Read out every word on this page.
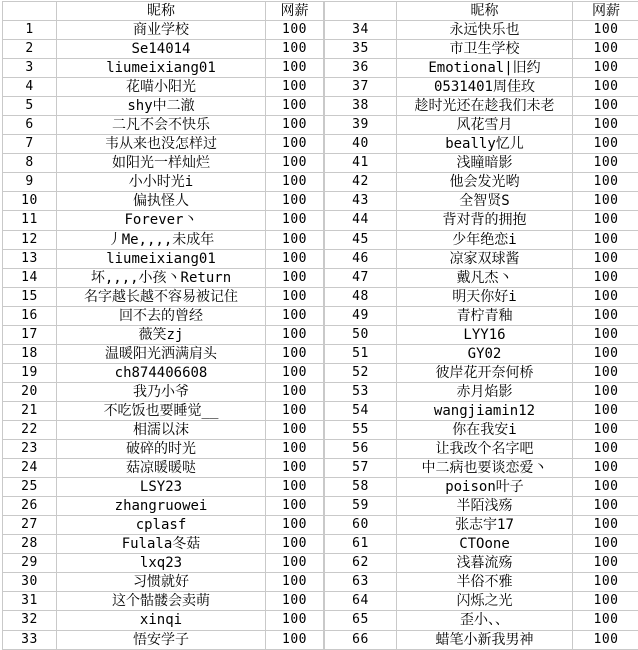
	昵称	网薪
1	商业学校	100
2	Se14014	100
3	liumeixiang01	100
4	花喵小阳光	100
5	shy中二澈	100
6	二凡不会不快乐	100
7	韦从来也没怎样过	100
8	如阳光一样灿烂	100
9	小小时光i	100
10	偏执怪人	100
11	Forever丶	100
12	丿Me,,,,未成年	100
13	liumeixiang01	100
14	坏,,,,小孩丶Return	100
15	名字越长越不容易被记住	100
16	回不去的曾经	100
17	薇笑zj	100
18	温暖阳光洒满肩头	100
19	ch874406608	100
20	我乃小爷	100
21	不吃饭也要睡觉__	100
22	相濡以沫	100
23	破碎的时光	100
24	菇凉暖暖哒	100
25	LSY23	100
26	zhangruowei	100
27	cplasf	100
28	Fulala冬菇	100
29	lxq23	100
30	习惯就好	100
31	这个骷髅会卖萌	100
32	xinqi	100
33	悟安学子	100
	昵称	网薪
34	永远快乐也	100
35	市卫生学校	100
36	Emotional|旧约	100
37	0531401周佳玫	100
38	趁时光还在趁我们未老	100
39	风花雪月	100
40	beally忆儿	100
41	浅瞳暗影	100
42	他会发光哟	100
43	全智贤S	100
44	背对背的拥抱	100
45	少年绝恋i	100
46	凉家双球酱	100
47	戴凡杰丶	100
48	明天你好i	100
49	青柠青釉	100
50	LYY16	100
51	GY02	100
52	彼岸花开奈何桥	100
53	赤月焰影	100
54	wangjiamin12	100
55	你在我安i	100
56	让我改个名字吧	100
57	中二病也要谈恋爱丶	100
58	poison叶子	100
59	半陌浅殇	100
60	张志宇17	100
61	CTOone	100
62	浅暮流殇	100
63	半俗不雅	100
64	闪烁之光	100
65	歪小、、	100
66	蜡笔小新我男神	100
